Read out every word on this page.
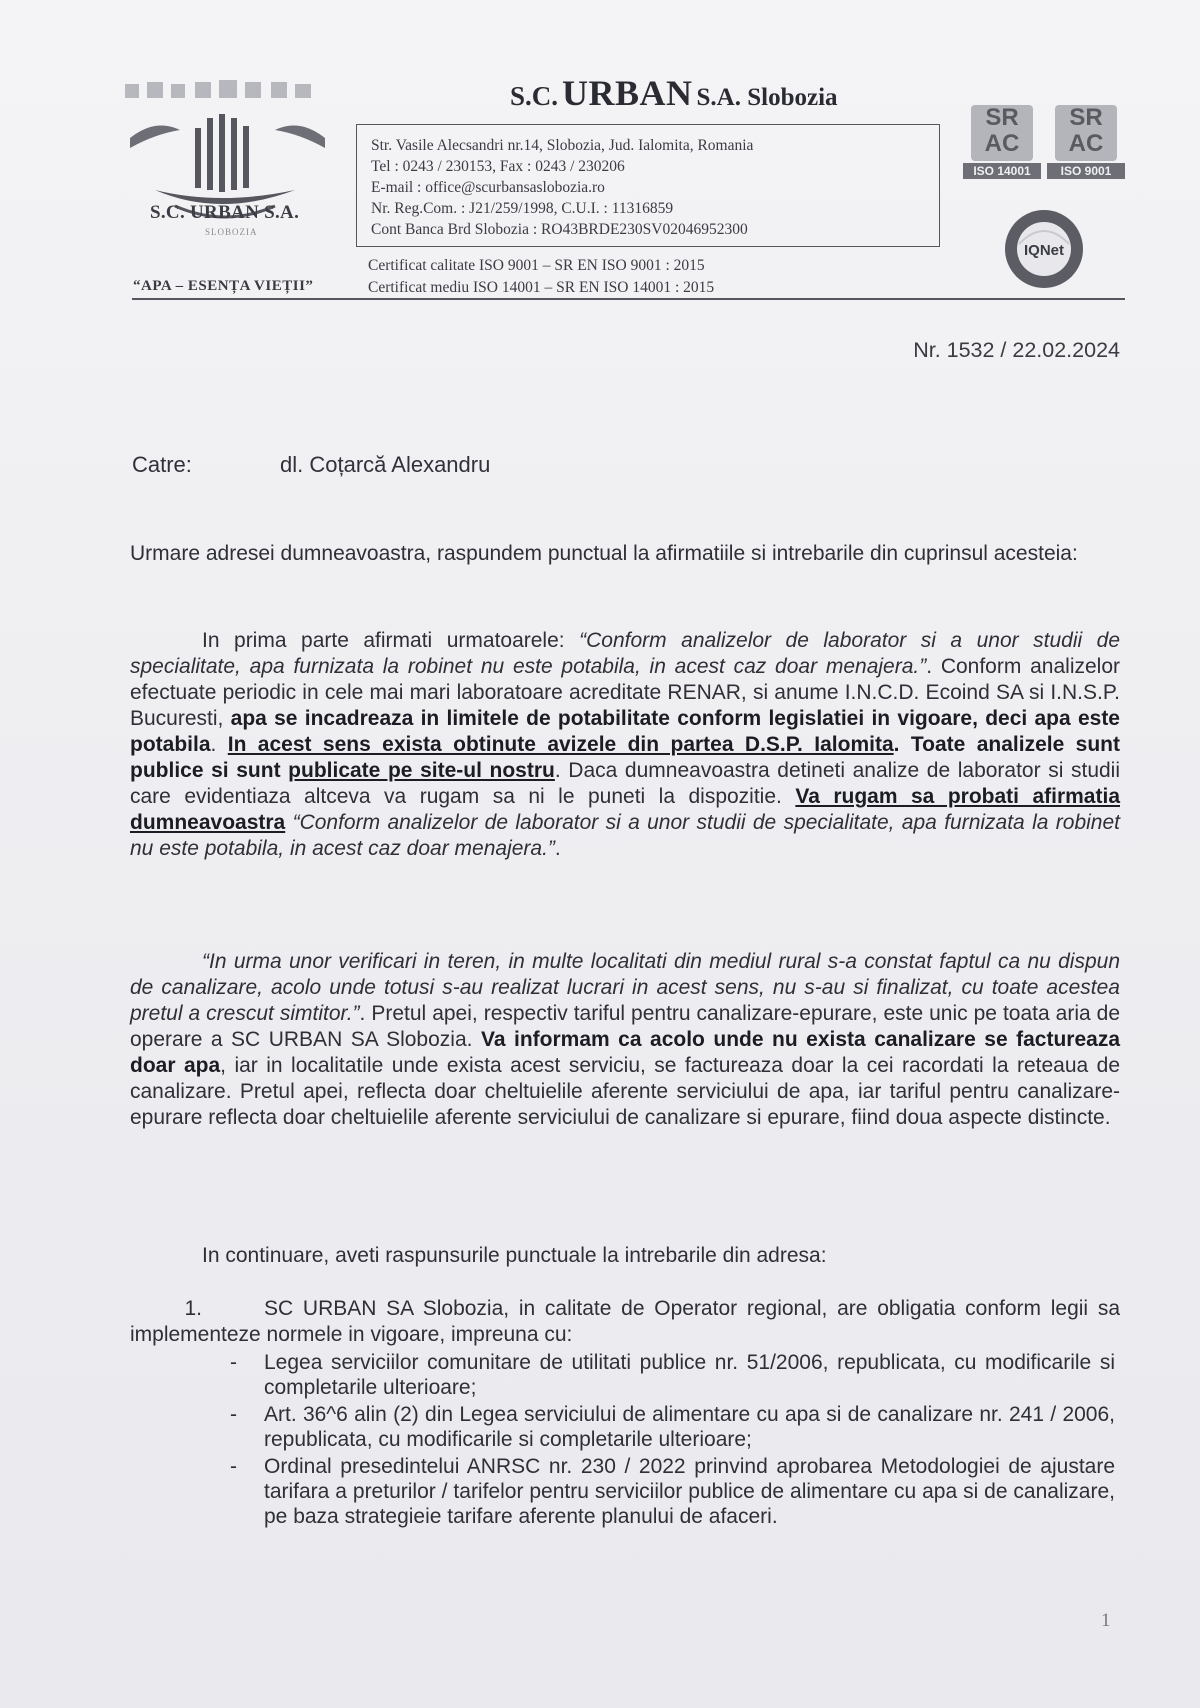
S.C. URBAN S.A. Slobozia
S.C. URBAN S.A.
SLOBOZIA
“APA – ESENȚA VIEȚII”
Str. Vasile Alecsandri nr.14, Slobozia, Jud. Ialomita, Romania
Tel : 0243 / 230153, Fax : 0243 / 230206
E-mail : office@scurbansaslobozia.ro
Nr. Reg.Com. : J21/259/1998, C.U.I. : 11316859
Cont Banca Brd Slobozia : RO43BRDE230SV02046952300
Certificat calitate ISO 9001 – SR EN ISO 9001 : 2015
Certificat mediu ISO 14001 – SR EN ISO 14001 : 2015
SR
AC
ISO 14001
SR
AC
ISO 9001
IQNet
Nr. 1532 / 22.02.2024
Catre:	dl. Coțarcă Alexandru
Urmare adresei dumneavoastra, raspundem punctual la afirmatiile si intrebarile din cuprinsul acesteia:
In prima parte afirmati urmatoarele: “Conform analizelor de laborator si a unor studii de specialitate, apa furnizata la robinet nu este potabila, in acest caz doar menajera.”. Conform analizelor efectuate periodic in cele mai mari laboratoare acreditate RENAR, si anume I.N.C.D. Ecoind SA si I.N.S.P. Bucuresti, apa se incadreaza in limitele de potabilitate conform legislatiei in vigoare, deci apa este potabila. In acest sens exista obtinute avizele din partea D.S.P. Ialomita. Toate analizele sunt publice si sunt publicate pe site-ul nostru. Daca dumneavoastra detineti analize de laborator si studii care evidentiaza altceva va rugam sa ni le puneti la dispozitie. Va rugam sa probati afirmatia dumneavoastra “Conform analizelor de laborator si a unor studii de specialitate, apa furnizata la robinet nu este potabila, in acest caz doar menajera.”.
“In urma unor verificari in teren, in multe localitati din mediul rural s-a constat faptul ca nu dispun de canalizare, acolo unde totusi s-au realizat lucrari in acest sens, nu s-au si finalizat, cu toate acestea pretul a crescut simtitor.”. Pretul apei, respectiv tariful pentru canalizare-epurare, este unic pe toata aria de operare a SC URBAN SA Slobozia. Va informam ca acolo unde nu exista canalizare se factureaza doar apa, iar in localitatile unde exista acest serviciu, se factureaza doar la cei racordati la reteaua de canalizare. Pretul apei, reflecta doar cheltuielile aferente serviciului de apa, iar tariful pentru canalizare-epurare reflecta doar cheltuielile aferente serviciului de canalizare si epurare, fiind doua aspecte distincte.
In continuare, aveti raspunsurile punctuale la intrebarile din adresa:
1.	SC URBAN SA Slobozia, in calitate de Operator regional, are obligatia conform legii sa implementeze normele in vigoare, impreuna cu:
- Legea serviciilor comunitare de utilitati publice nr. 51/2006, republicata, cu modificarile si completarile ulterioare;
- Art. 36^6 alin (2) din Legea serviciului de alimentare cu apa si de canalizare nr. 241 / 2006, republicata, cu modificarile si completarile ulterioare;
- Ordinal presedintelui ANRSC nr. 230 / 2022 prinvind aprobarea Metodologiei de ajustare tarifara a preturilor / tarifelor pentru serviciilor publice de alimentare cu apa si de canalizare, pe baza strategieie tarifare aferente planului de afaceri.
1
